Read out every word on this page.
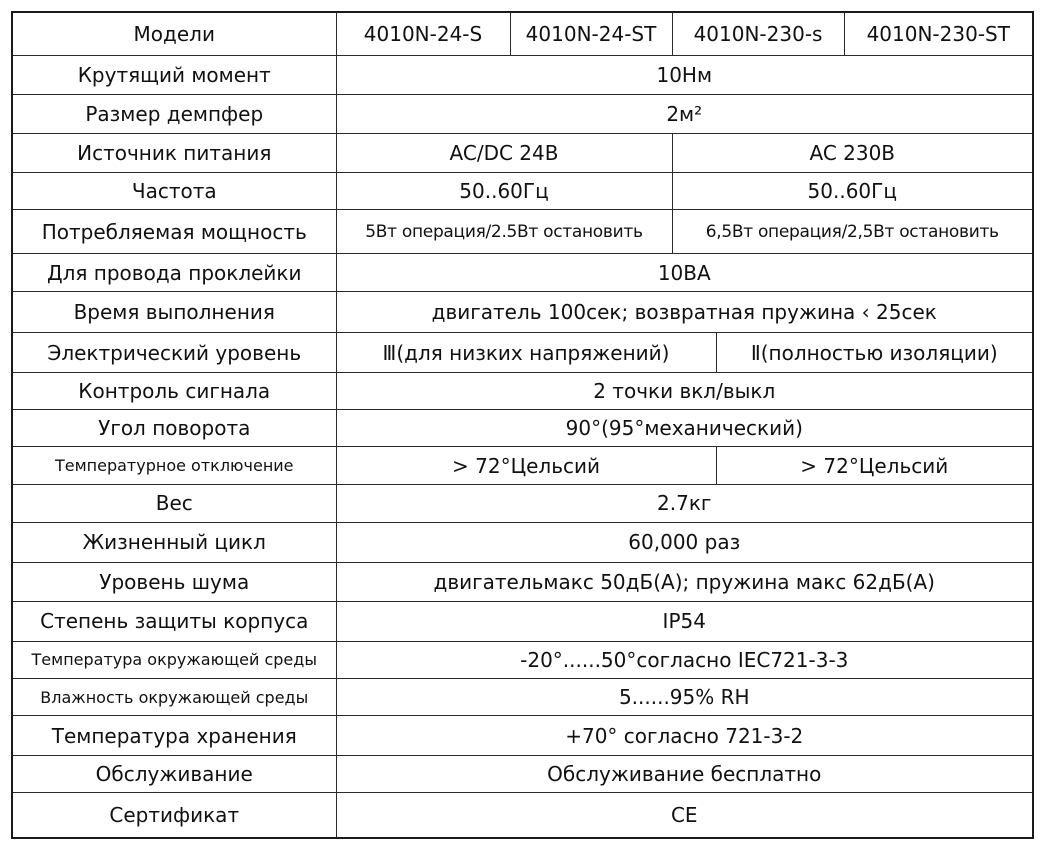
Модели	4010N-24-S	4010N-24-ST	4010N-230-s		4010N-230-ST
Крутящий момент	10Нм				
Размер демпфер	2м²				
Источник питания	AC/DC 24B		AC 230B		
Частота	50..60Гц		50..60Гц		
Потребляемая мощность	5Вт операция/2.5Вт остановить		6,5Вт операция/2,5Вт остановить		
Для провода проклейки	10ВА				
Время выполнения	двигатель 100сек; возвратная пружина ‹ 25сек				
Электрический уровень	Ⅲ(для низких напряжений)			Ⅱ(полностью изоляции)	
Контроль сигнала	2 точки вкл/выкл				
Угол поворота	90°(95°механический)				
Температурное отключение	> 72°Цельсий			> 72°Цельсий	
Вес	2.7кг				
Жизненный цикл	60,000 раз				
Уровень шума	двигательмакс 50дБ(А); пружина макс 62дБ(А)				
Степень защиты корпуса	IP54				
Температура окружающей среды	-20°......50°согласно IEC721-3-3				
Влажность окружающей среды	5......95% RH				
Температура хранения	+70° согласно 721-3-2				
Обслуживание	Обслуживание бесплатно				
Сертификат	CE				
